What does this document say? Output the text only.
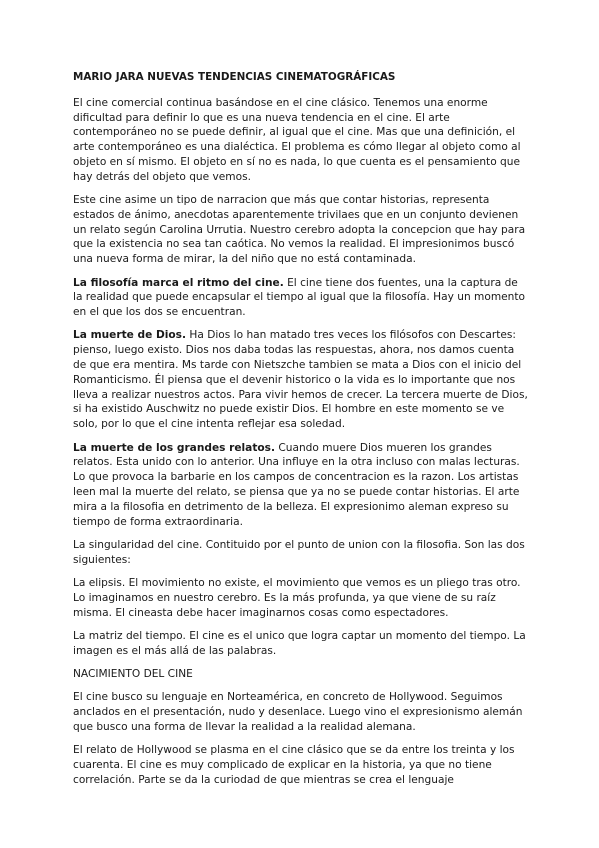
MARIO JARA NUEVAS TENDENCIAS CINEMATOGRÁFICAS

El cine comercial continua basándose en el cine clásico. Tenemos una enorme dificultad para definir lo que es una nueva tendencia en el cine. El arte contemporáneo no se puede definir, al igual que el cine. Mas que una definición, el arte contemporáneo es una dialéctica. El problema es cómo llegar al objeto como al objeto en sí mismo. El objeto en sí no es nada, lo que cuenta es el pensamiento que hay detrás del objeto que vemos.

Este cine asime un tipo de narracion que más que contar historias, representa estados de ánimo, anecdotas aparentemente trivilaes que en un conjunto devienen un relato según Carolina Urrutia. Nuestro cerebro adopta la concepcion que hay para que la existencia no sea tan caótica. No vemos la realidad. El impresionimos buscó una nueva forma de mirar, la del niño que no está contaminada.

La filosofía marca el ritmo del cine. El cine tiene dos fuentes, una la captura de la realidad que puede encapsular el tiempo al igual que la filosofía. Hay un momento en el que los dos se encuentran.

La muerte de Dios. Ha Dios lo han matado tres veces los filósofos con Descartes: pienso, luego existo. Dios nos daba todas las respuestas, ahora, nos damos cuenta de que era mentira. Ms tarde con Nietszche tambien se mata a Dios con el inicio del Romanticismo. Él piensa que el devenir historico o la vida es lo importante que nos lleva a realizar nuestros actos. Para vivir hemos de crecer. La tercera muerte de Dios, si ha existido Auschwitz no puede existir Dios. El hombre en este momento se ve solo, por lo que el cine intenta reflejar esa soledad.

La muerte de los grandes relatos. Cuando muere Dios mueren los grandes relatos. Esta unido con lo anterior. Una influye en la otra incluso con malas lecturas. Lo que provoca la barbarie en los campos de concentracion es la razon. Los artistas leen mal la muerte del relato, se piensa que ya no se puede contar historias. El arte mira a la filosofia en detrimento de la belleza. El expresionimo aleman expreso su tiempo de forma extraordinaria.

La singularidad del cine. Contituido por el punto de union con la filosofia. Son las dos siguientes:

La elipsis. El movimiento no existe, el movimiento que vemos es un pliego tras otro. Lo imaginamos en nuestro cerebro. Es la más profunda, ya que viene de su raíz misma. El cineasta debe hacer imaginarnos cosas como espectadores.

La matriz del tiempo. El cine es el unico que logra captar un momento del tiempo. La imagen es el más allá de las palabras.

NACIMIENTO DEL CINE

El cine busco su lenguaje en Norteamérica, en concreto de Hollywood. Seguimos anclados en el presentación, nudo y desenlace. Luego vino el expresionismo alemán que busco una forma de llevar la realidad a la realidad alemana.

El relato de Hollywood se plasma en el cine clásico que se da entre los treinta y los cuarenta. El cine es muy complicado de explicar en la historia, ya que no tiene correlación. Parte se da la curiodad de que mientras se crea el lenguaje
